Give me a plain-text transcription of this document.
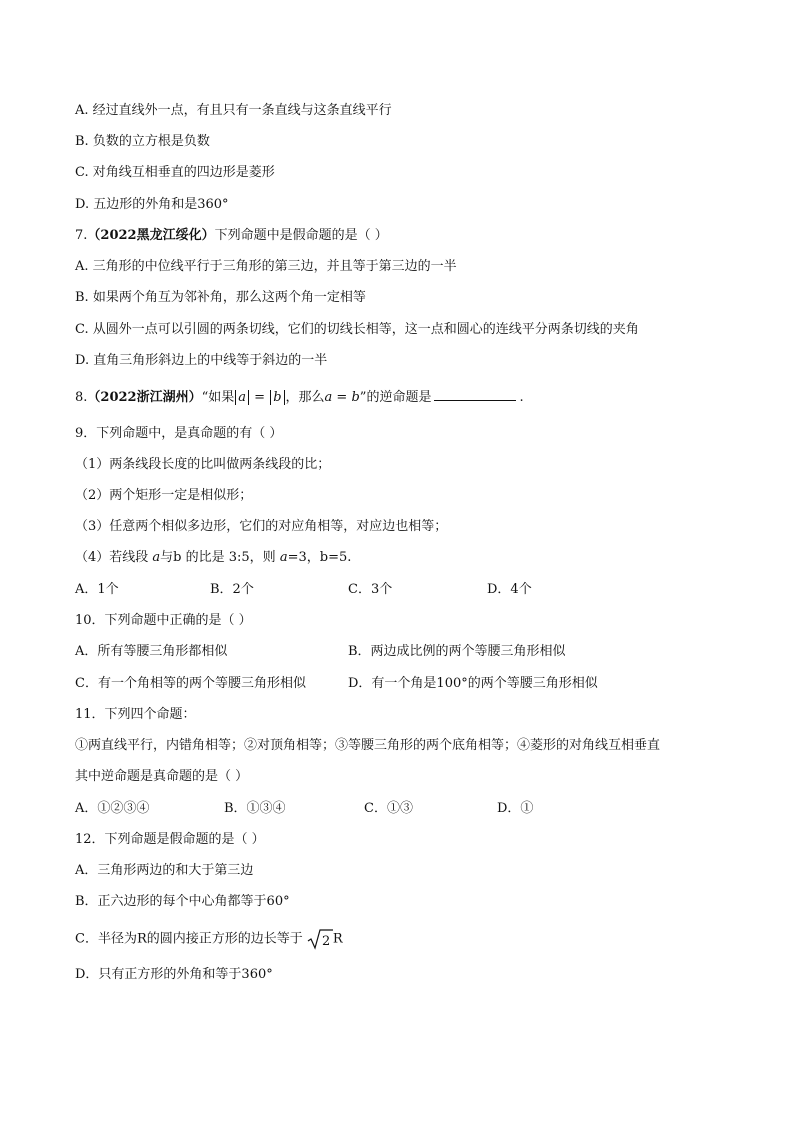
A. 经过直线外一点，有且只有一条直线与这条直线平行
B. 负数的立方根是负数
C. 对角线互相垂直的四边形是菱形
D. 五边形的外角和是360°
7.（2022黑龙江绥化）下列命题中是假命题的是（ ）
A. 三角形的中位线平行于三角形的第三边，并且等于第三边的一半
B. 如果两个角互为邻补角，那么这两个角一定相等
C. 从圆外一点可以引圆的两条切线，它们的切线长相等，这一点和圆心的连线平分两条切线的夹角
D. 直角三角形斜边上的中线等于斜边的一半
8.（2022浙江湖州）“如果 a = b ，那么a = b”的逆命题是	.
9．下列命题中，是真命题的有（ ）
（1）两条线段长度的比叫做两条线段的比；
（2）两个矩形一定是相似形；
（3）任意两个相似多边形，它们的对应角相等，对应边也相等；
（4）若线段 a与b 的比是 3:5，则 a=3，b=5.
A．1个	B．2个	C．3个	D．4个
10．下列命题中正确的是（ ）
A．所有等腰三角形都相似	B．两边成比例的两个等腰三角形相似
C．有一个角相等的两个等腰三角形相似	D．有一个角是100°的两个等腰三角形相似
11．下列四个命题：
①两直线平行，内错角相等；②对顶角相等；③等腰三角形的两个底角相等；④菱形的对角线互相垂直
其中逆命题是真命题的是（ ）
A．①②③④	B．①③④	C．①③	D．①
12．下列命题是假命题的是（ ）
A．三角形两边的和大于第三边
B．正六边形的每个中心角都等于60°
C．半径为R的圆内接正方形的边长等于 2 R
D．只有正方形的外角和等于360°
